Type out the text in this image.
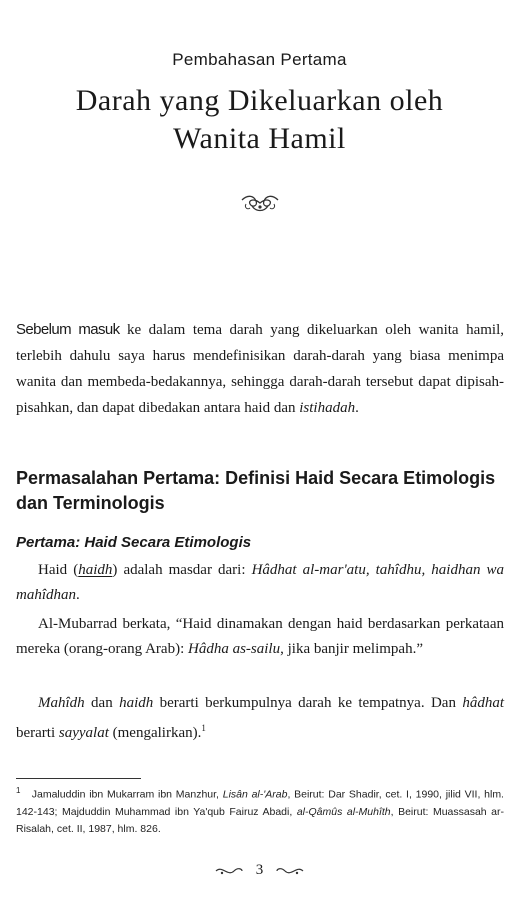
Pembahasan Pertama
Darah yang Dikeluarkan oleh
Wanita Hamil

Sebelum masuk ke dalam tema darah yang dikeluarkan oleh wanita hamil, terlebih dahulu saya harus mendefinisikan darah-darah yang biasa menimpa wanita dan membeda-bedakannya, sehingga darah-darah tersebut dapat dipisah-pisahkan, dan dapat dibedakan antara haid dan istihadah.

Permasalahan Pertama: Definisi Haid Secara Etimologis dan Terminologis
Pertama: Haid Secara Etimologis

Haid (haidh) adalah masdar dari: Hâdhat al-mar'atu, tahîdhu, haidhan wa mahîdhan.

Al-Mubarrad berkata, “Haid dinamakan dengan haid berdasarkan perkataan mereka (orang-orang Arab): Hâdha as-sailu, jika banjir melimpah.”

Mahîdh dan haidh berarti berkumpulnya darah ke tempatnya. Dan hâdhat berarti sayyalat (mengalirkan).$^1$

$^1$ Jamaluddin ibn Mukarram ibn Manzhur, Lisân al-'Arab, Beirut: Dar Shadir, cet. I, 1990, jilid VII, hlm. 142-143; Majduddin Muhammad ibn Ya'qub Fairuz Abadi, al-Qâmûs al-Muhîth, Beirut: Muassasah ar-Risalah, cet. II, 1987, hlm. 826.

3
